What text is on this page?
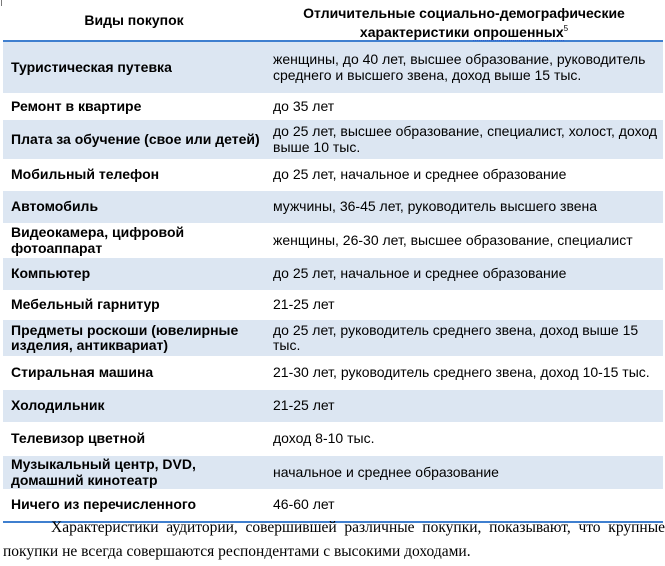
Виды покупок	Отличительные социально-демографические характеристики опрошенных$^5$

Туристическая путевка	женщины, до 40 лет, высшее образование, руководитель среднего и высшего звена, доход выше 15 тыс.
Ремонт в квартире	до 35 лет
Плата за обучение (свое или детей)	до 25 лет, высшее образование, специалист, холост, доход выше 10 тыс.
Мобильный телефон	до 25 лет, начальное и среднее образование
Автомобиль	мужчины, 36-45 лет, руководитель высшего звена
Видеокамера, цифровой фотоаппарат	женщины, 26-30 лет, высшее образование, специалист
Компьютер	до 25 лет, начальное и среднее образование
Мебельный гарнитур	21-25 лет
Предметы роскоши (ювелирные изделия, антиквариат)	до 25 лет, руководитель среднего звена, доход выше 15 тыс.
Стиральная машина	21-30 лет, руководитель среднего звена, доход 10-15 тыс.
Холодильник	21-25 лет
Телевизор цветной	доход 8-10 тыс.
Музыкальный центр, DVD, домашний кинотеатр	начальное и среднее образование
Ничего из перечисленного	46-60 лет

Характеристики аудитории, совершившей различные покупки, показывают, что крупные покупки не всегда совершаются респондентами с высокими доходами.
